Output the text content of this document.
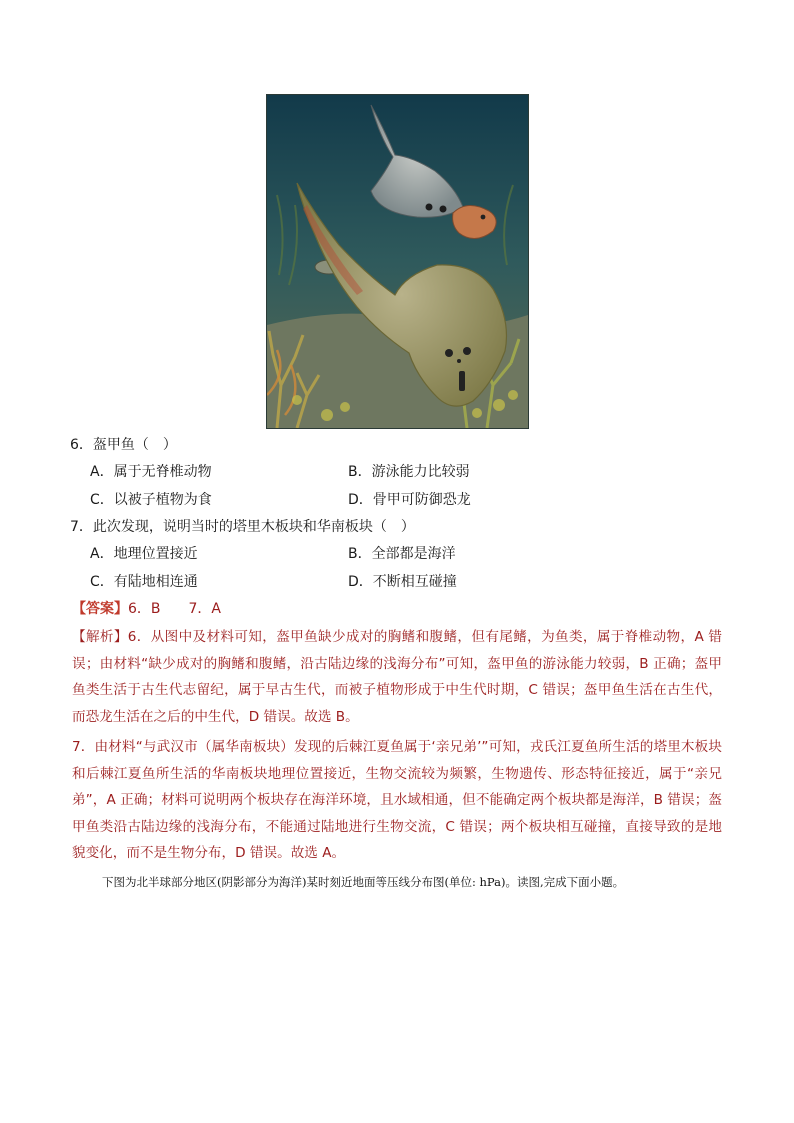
6．盔甲鱼（　）
A．属于无脊椎动物	B．游泳能力比较弱
C．以被子植物为食	D．骨甲可防御恐龙
7．此次发现，说明当时的塔里木板块和华南板块（　）
A．地理位置接近	B．全部都是海洋
C．有陆地相连通	D．不断相互碰撞
【答案】6．B　　7．A
【解析】6．从图中及材料可知，盔甲鱼缺少成对的胸鳍和腹鳍，但有尾鳍，为鱼类，属于脊椎动物，A 错误；由材料“缺少成对的胸鳍和腹鳍，沿古陆边缘的浅海分布”可知，盔甲鱼的游泳能力较弱，B 正确；盔甲鱼类生活于古生代志留纪，属于早古生代，而被子植物形成于中生代时期，C 错误；盔甲鱼生活在古生代，而恐龙生活在之后的中生代，D 错误。故选 B。
7．由材料“与武汉市（属华南板块）发现的后棘江夏鱼属于‘亲兄弟’”可知，戎氏江夏鱼所生活的塔里木板块和后棘江夏鱼所生活的华南板块地理位置接近，生物交流较为频繁，生物遗传、形态特征接近，属于“亲兄弟”，A 正确；材料可说明两个板块存在海洋环境，且水域相通，但不能确定两个板块都是海洋，B 错误；盔甲鱼类沿古陆边缘的浅海分布，不能通过陆地进行生物交流，C 错误；两个板块相互碰撞，直接导致的是地貌变化，而不是生物分布，D 错误。故选 A。
下图为北半球部分地区(阴影部分为海洋)某时刻近地面等压线分布图(单位: hPa)。读图,完成下面小题。
